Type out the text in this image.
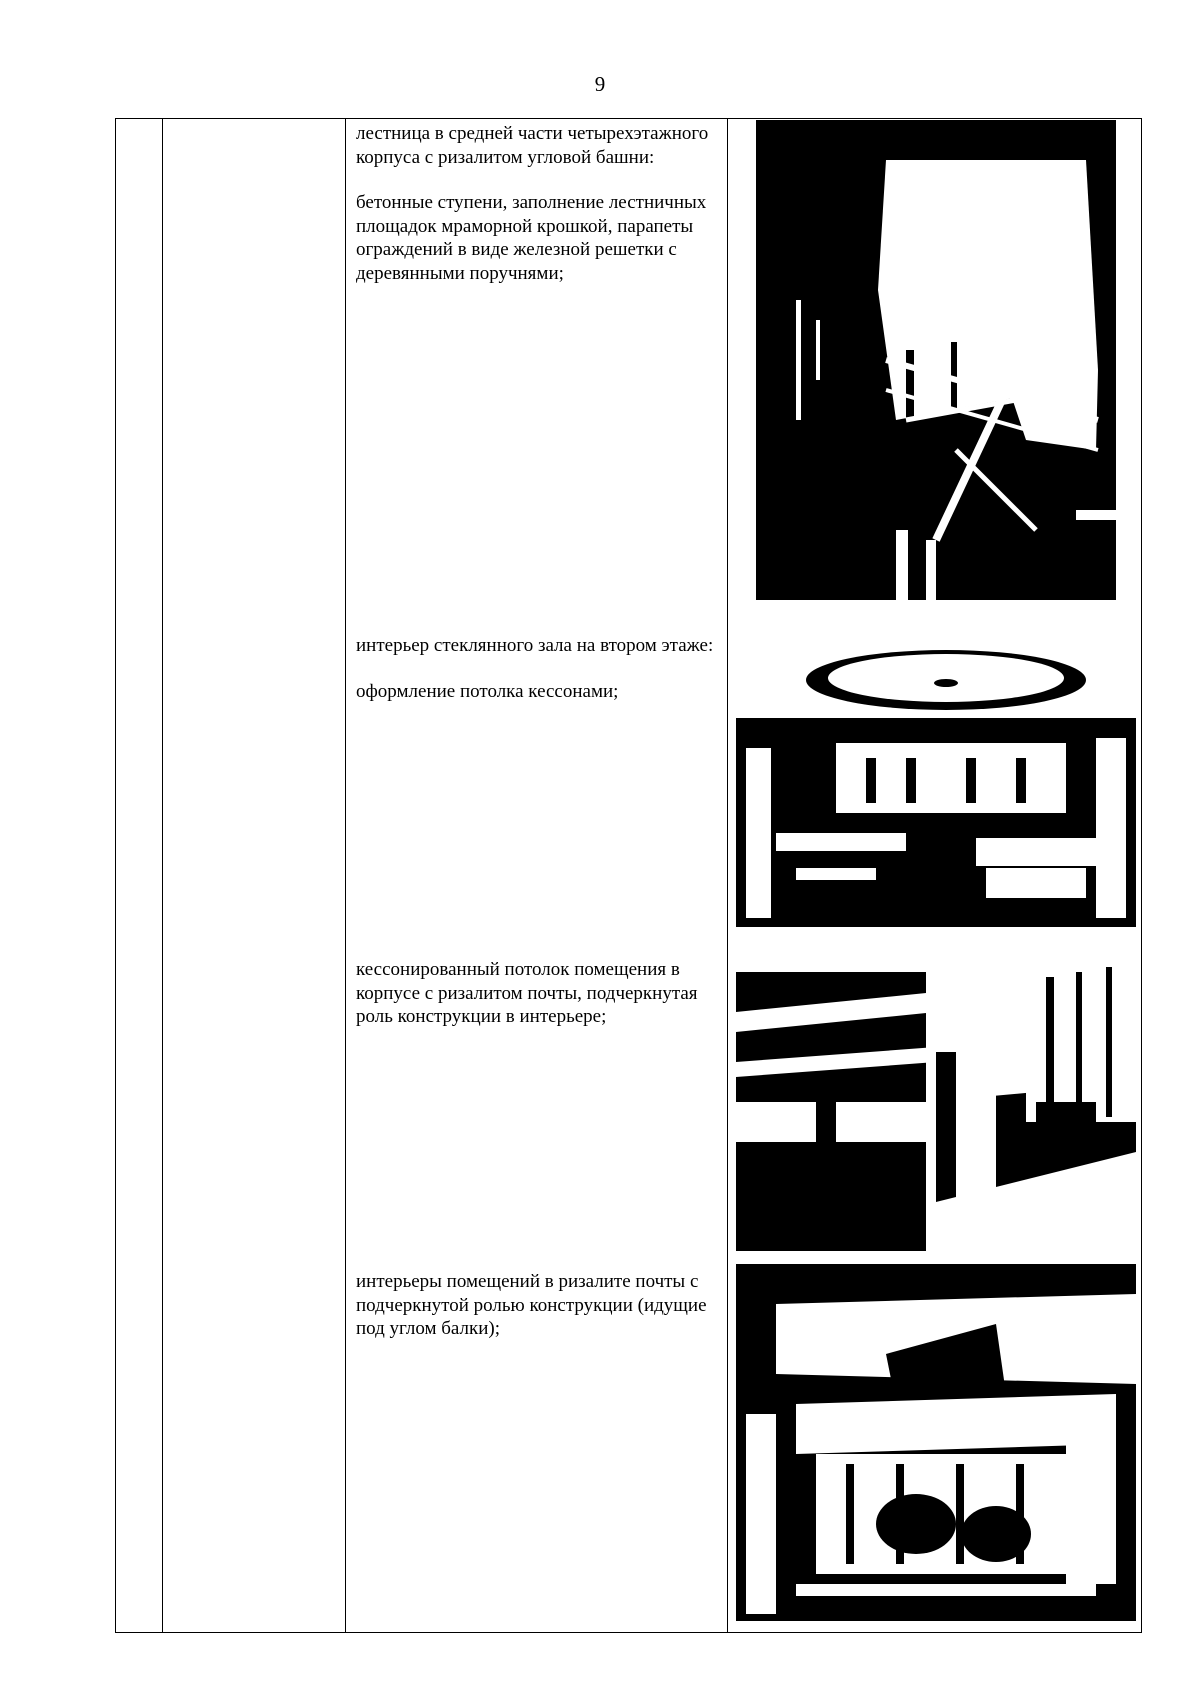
9

лестница в средней части четырехэтажного корпуса с ризалитом угловой башни:

бетонные ступени, заполнение лестничных площадок мраморной крошкой, парапеты ограждений в виде железной решетки с деревянными поручнями;

интерьер стеклянного зала на втором этаже:

оформление потолка кессонами;

кессонированный потолок помещения в корпусе с ризалитом почты, подчеркнутая роль конструкции в интерьере;

интерьеры помещений в ризалите почты с подчеркнутой ролью конструкции (идущие под углом балки);
